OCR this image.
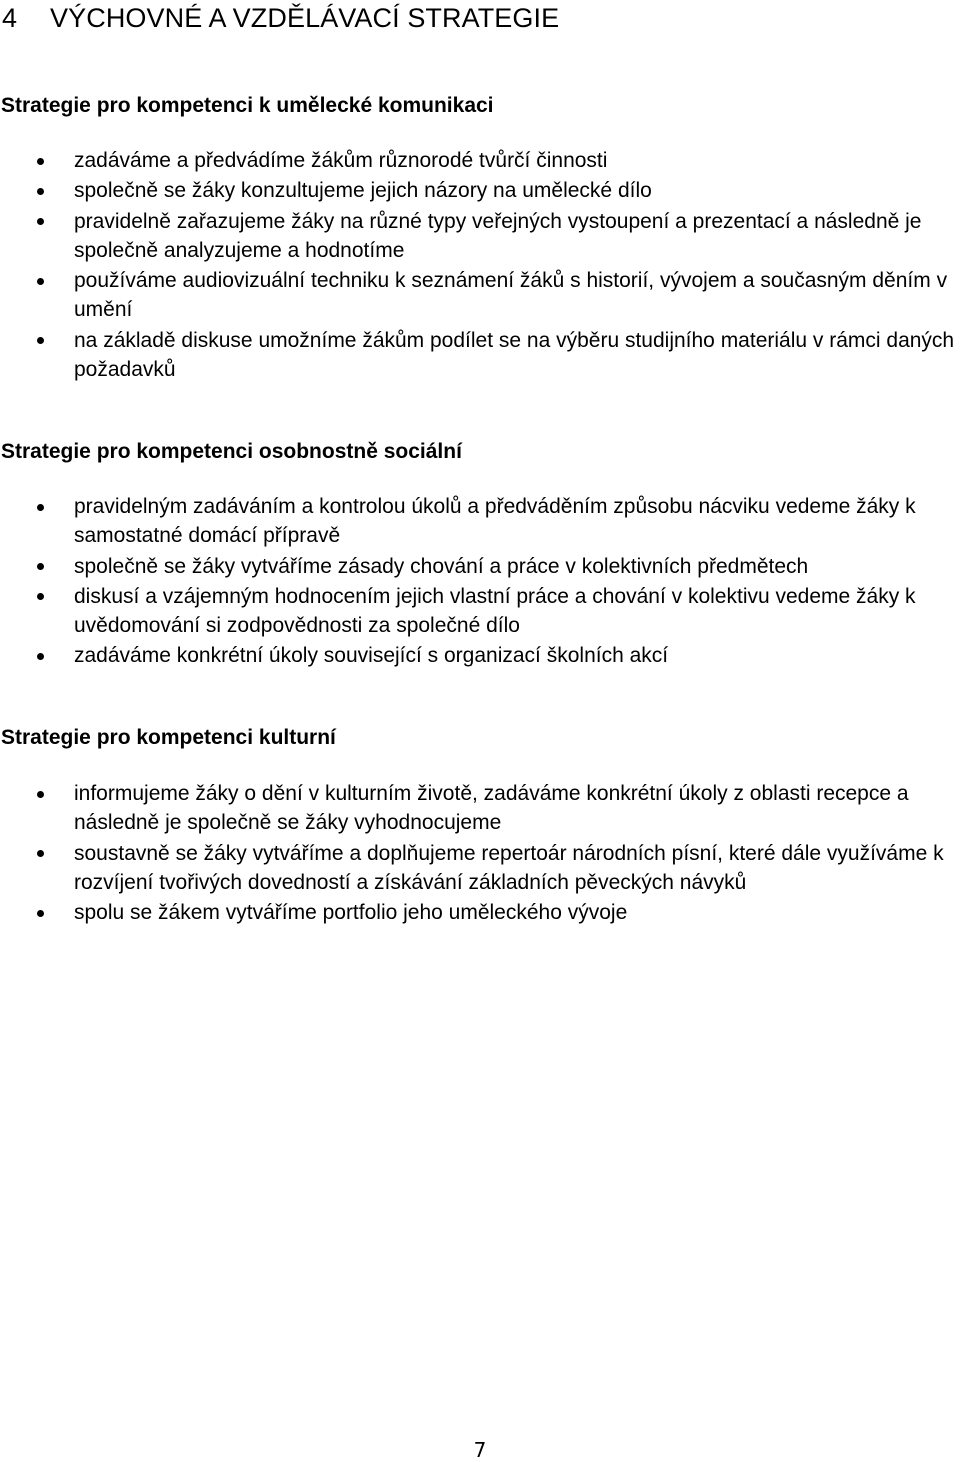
4 VÝCHOVNÉ A VZDĚLÁVACÍ STRATEGIE
Strategie pro kompetenci k umělecké komunikaci
zadáváme a předvádíme žákům různorodé tvůrčí činnosti
společně se žáky konzultujeme jejich názory na umělecké dílo
pravidelně zařazujeme žáky na různé typy veřejných vystoupení a prezentací a následně je společně analyzujeme a hodnotíme
používáme audiovizuální techniku k seznámení žáků s historií, vývojem a současným děním v umění
na základě diskuse umožníme žákům podílet se na výběru studijního materiálu v rámci daných požadavků
Strategie pro kompetenci osobnostně sociální
pravidelným zadáváním a kontrolou úkolů a předváděním způsobu nácviku vedeme žáky k samostatné domácí přípravě
společně se žáky vytváříme zásady chování a práce v kolektivních předmětech
diskusí a vzájemným hodnocením jejich vlastní práce a chování v kolektivu vedeme žáky k uvědomování si zodpovědnosti za společné dílo
zadáváme konkrétní úkoly související s organizací školních akcí
Strategie pro kompetenci kulturní
informujeme žáky o dění v kulturním životě, zadáváme konkrétní úkoly z oblasti recepce a následně je společně se žáky vyhodnocujeme
soustavně se žáky vytváříme a doplňujeme repertoár národních písní, které dále využíváme k rozvíjení tvořivých dovedností a získávání základních pěveckých návyků
spolu se žákem vytváříme portfolio jeho uměleckého vývoje
7
